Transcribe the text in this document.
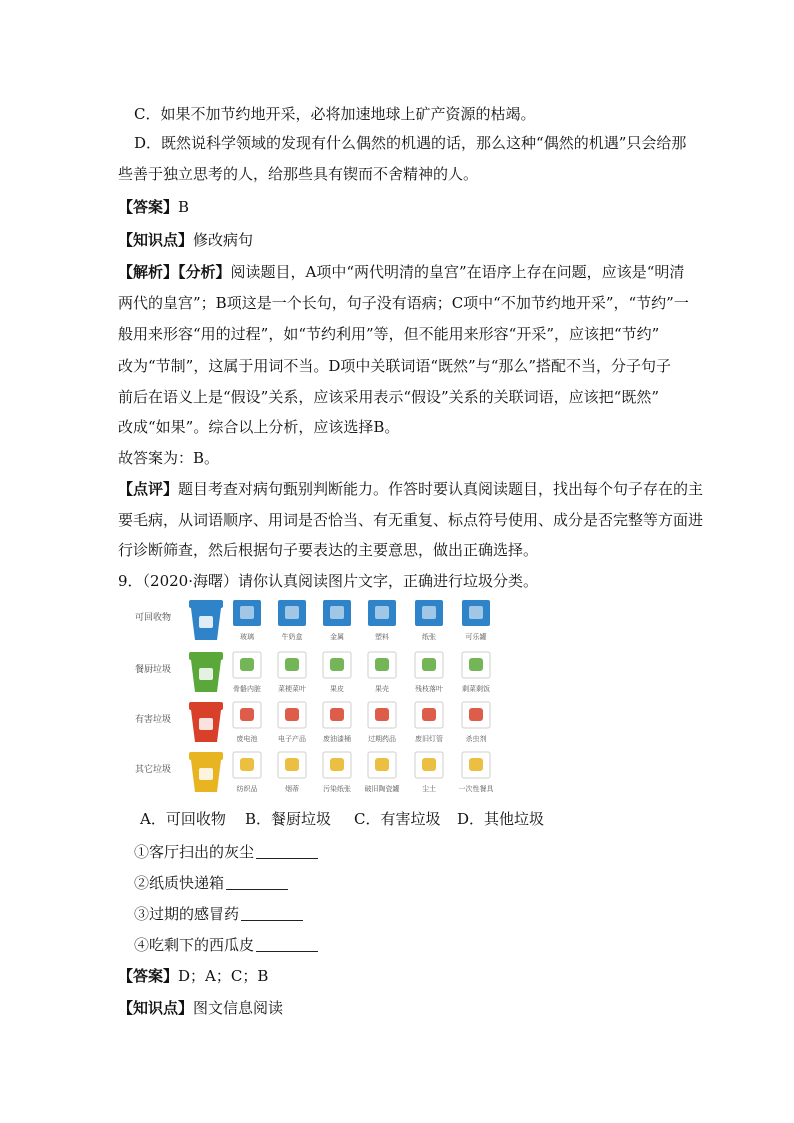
C．如果不加节约地开采，必将加速地球上矿产资源的枯竭。
D．既然说科学领域的发现有什么偶然的机遇的话，那么这种“偶然的机遇”只会给那
些善于独立思考的人，给那些具有锲而不舍精神的人。
【答案】B
【知识点】修改病句
【解析】【分析】阅读题目，A项中“两代明清的皇宫”在语序上存在问题，应该是“明清
两代的皇宫”；B项这是一个长句，句子没有语病；C项中“不加节约地开采”，“节约”一
般用来形容“用的过程”，如“节约利用”等，但不能用来形容“开采”，应该把“节约”
改为“节制”，这属于用词不当。D项中关联词语“既然”与“那么”搭配不当，分子句子
前后在语义上是“假设”关系，应该采用表示“假设”关系的关联词语，应该把“既然”
改成“如果”。综合以上分析，应该选择B。
故答案为：B。
【点评】题目考查对病句甄别判断能力。作答时要认真阅读题目，找出每个句子存在的主
要毛病，从词语顺序、用词是否恰当、有无重复、标点符号使用、成分是否完整等方面进
行诊断筛查，然后根据句子要表达的主要意思，做出正确选择。
9．（2020·海曙）请你认真阅读图片文字，正确进行垃圾分类。
可回收物
玻璃	牛奶盒	金属	塑料	纸张	可乐罐
餐厨垃圾
骨骼内脏 菜梗菜叶	果皮	果壳	残枝落叶	剩菜剩饭
有害垃圾
废电池	电子产品 废油漆桶 过期药品	废旧灯管	杀虫剂
其它垃圾
纺织品	烟蒂	污染纸张 破旧陶瓷罐	尘土	一次性餐具
A．可回收物 B．餐厨垃圾 C．有害垃圾 D．其他垃圾
①客厅扫出的灰尘
②纸质快递箱
③过期的感冒药
④吃剩下的西瓜皮
【答案】D；A；C；B
【知识点】图文信息阅读
